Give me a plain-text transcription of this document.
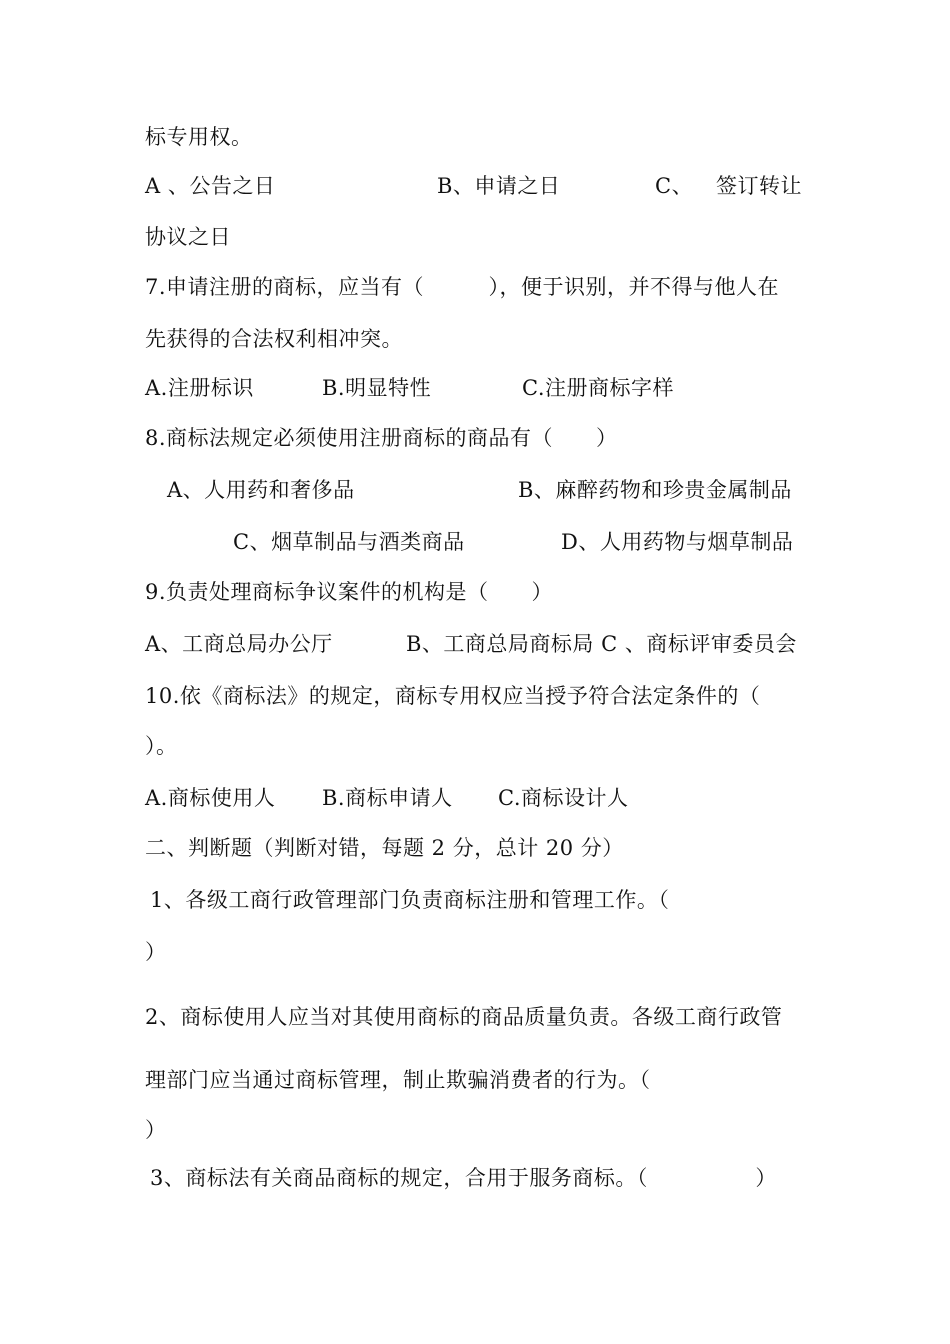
标专用权。
A 、公告之日	B、申请之日	C、 签订转让
协议之日
7.申请注册的商标，应当有（　　　），便于识别，并不得与他人在
先获得的合法权利相冲突。
A.注册标识	B.明显特性	C.注册商标字样
8.商标法规定必须使用注册商标的商品有（　　）
A、人用药和奢侈品	B、麻醉药物和珍贵金属制品
C、烟草制品与酒类商品	D、人用药物与烟草制品
9.负责处理商标争议案件的机构是（　　）
A、工商总局办公厅	B、工商总局商标局 C 、商标评审委员会
10.依《商标法》的规定，商标专用权应当授予符合法定条件的（
）。
A.商标使用人 B.商标申请人 C.商标设计人
二、判断题（判断对错，每题 2 分，总计 20 分）
1、各级工商行政管理部门负责商标注册和管理工作。（
）
2、商标使用人应当对其使用商标的商品质量负责。各级工商行政管
理部门应当通过商标管理，制止欺骗消费者的行为。（
）
3、商标法有关商品商标的规定，合用于服务商标。（　　　　　）
